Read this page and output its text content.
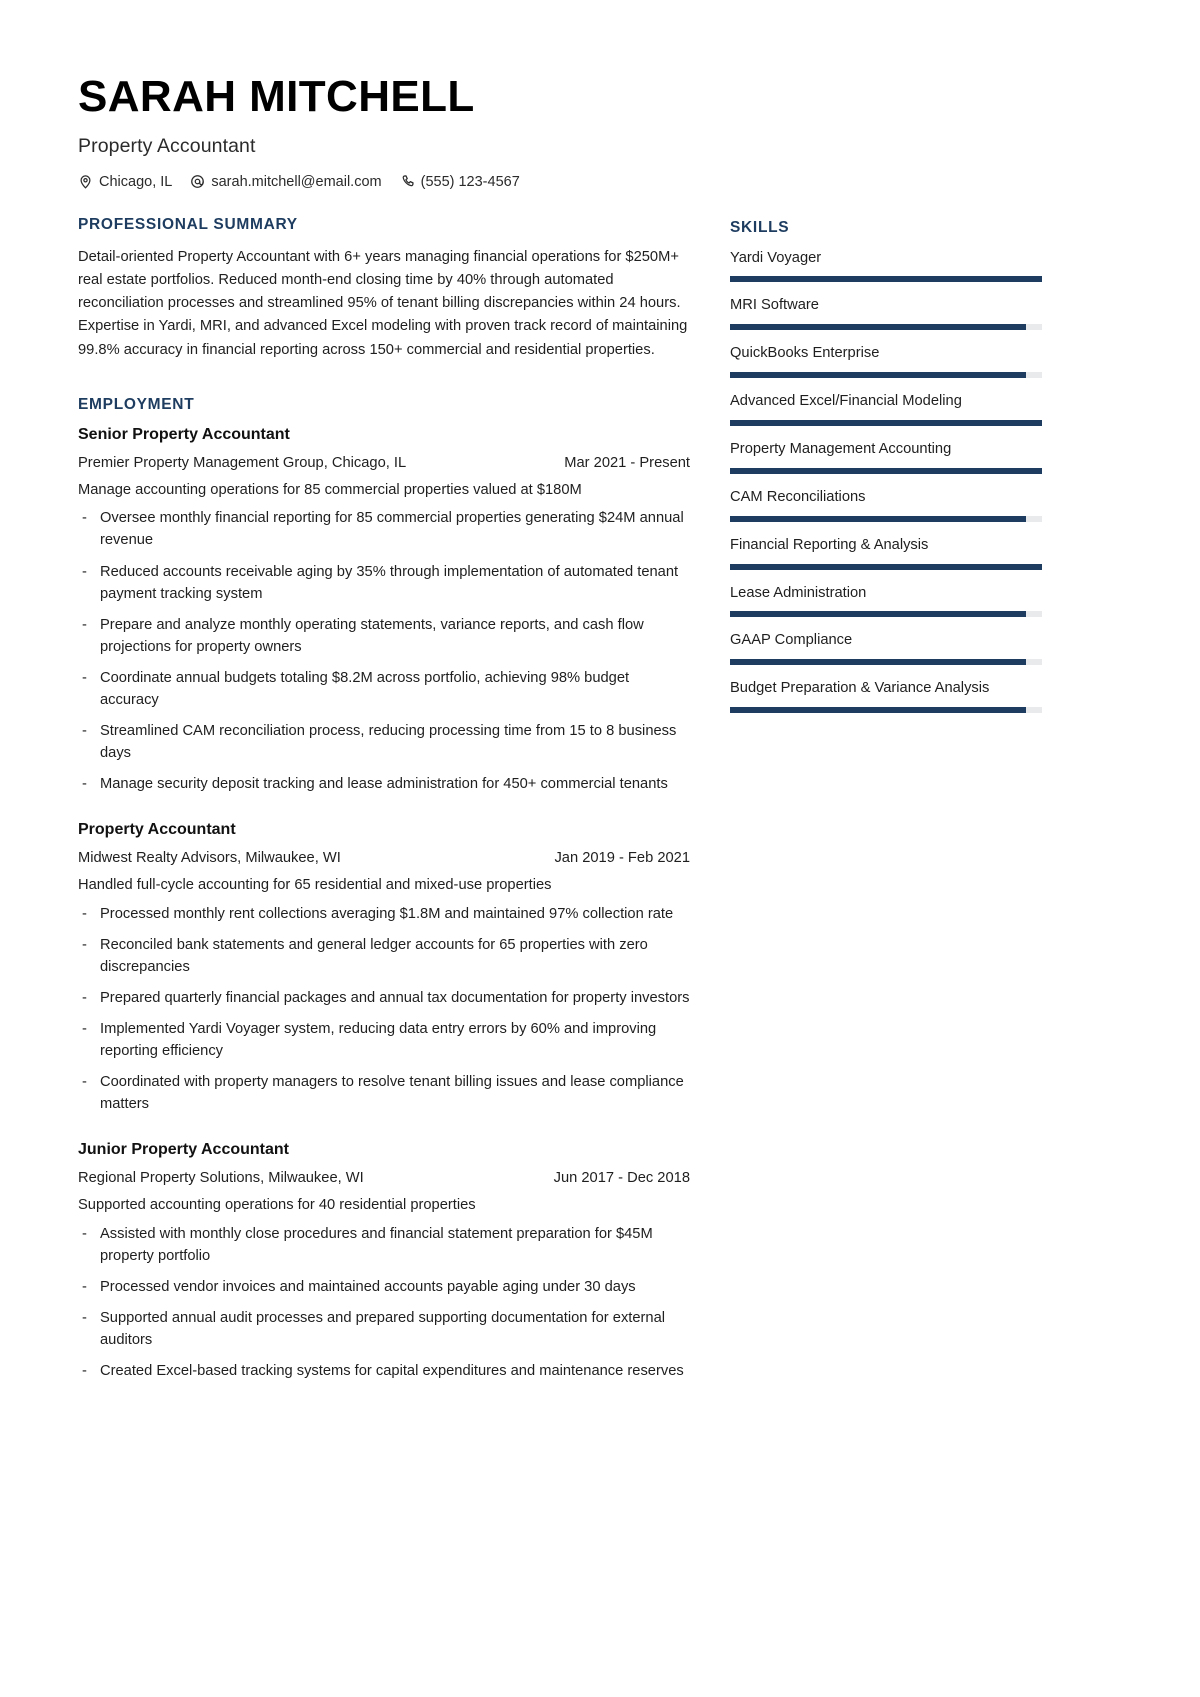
SARAH MITCHELL
Property Accountant
Chicago, IL	sarah.mitchell@email.com	(555) 123-4567
PROFESSIONAL SUMMARY
Detail-oriented Property Accountant with 6+ years managing financial operations for $250M+ real estate portfolios. Reduced month-end closing time by 40% through automated reconciliation processes and streamlined 95% of tenant billing discrepancies within 24 hours. Expertise in Yardi, MRI, and advanced Excel modeling with proven track record of maintaining 99.8% accuracy in financial reporting across 150+ commercial and residential properties.
EMPLOYMENT
Senior Property Accountant
Premier Property Management Group, Chicago, IL	Mar 2021 - Present
Manage accounting operations for 85 commercial properties valued at $180M
- Oversee monthly financial reporting for 85 commercial properties generating $24M annual revenue
- Reduced accounts receivable aging by 35% through implementation of automated tenant payment tracking system
- Prepare and analyze monthly operating statements, variance reports, and cash flow projections for property owners
- Coordinate annual budgets totaling $8.2M across portfolio, achieving 98% budget accuracy
- Streamlined CAM reconciliation process, reducing processing time from 15 to 8 business days
- Manage security deposit tracking and lease administration for 450+ commercial tenants
Property Accountant
Midwest Realty Advisors, Milwaukee, WI	Jan 2019 - Feb 2021
Handled full-cycle accounting for 65 residential and mixed-use properties
- Processed monthly rent collections averaging $1.8M and maintained 97% collection rate
- Reconciled bank statements and general ledger accounts for 65 properties with zero discrepancies
- Prepared quarterly financial packages and annual tax documentation for property investors
- Implemented Yardi Voyager system, reducing data entry errors by 60% and improving reporting efficiency
- Coordinated with property managers to resolve tenant billing issues and lease compliance matters
Junior Property Accountant
Regional Property Solutions, Milwaukee, WI	Jun 2017 - Dec 2018
Supported accounting operations for 40 residential properties
- Assisted with monthly close procedures and financial statement preparation for $45M property portfolio
- Processed vendor invoices and maintained accounts payable aging under 30 days
- Supported annual audit processes and prepared supporting documentation for external auditors
- Created Excel-based tracking systems for capital expenditures and maintenance reserves
SKILLS
Yardi Voyager
MRI Software
QuickBooks Enterprise
Advanced Excel/Financial Modeling
Property Management Accounting
CAM Reconciliations
Financial Reporting & Analysis
Lease Administration
GAAP Compliance
Budget Preparation & Variance Analysis
